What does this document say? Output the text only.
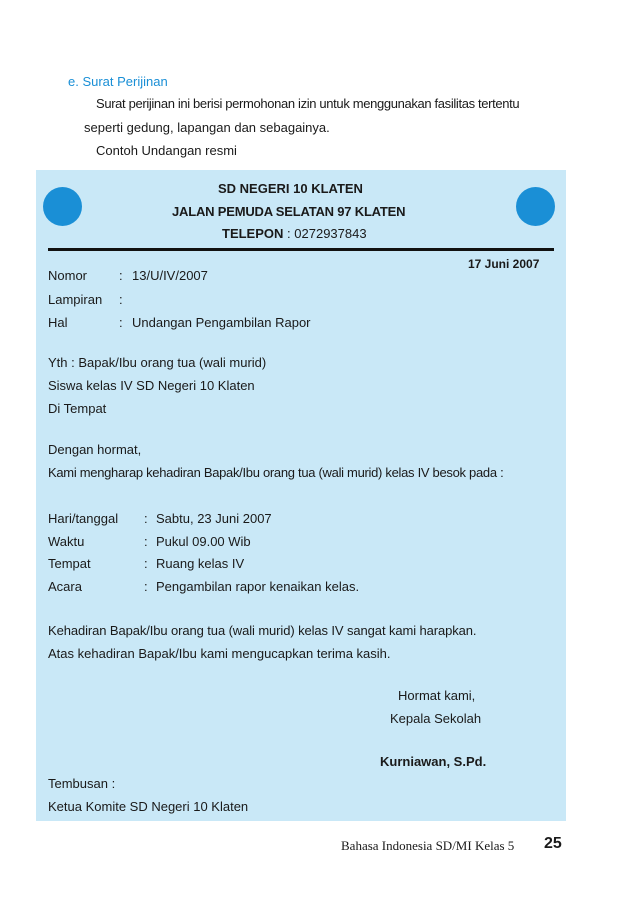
e. Surat Perijinan
Surat perijinan ini berisi permohonan izin untuk menggunakan fasilitas tertentu
seperti gedung, lapangan dan sebagainya.
Contoh Undangan resmi
SD NEGERI 10 KLATEN
JALAN PEMUDA SELATAN 97 KLATEN
TELEPON : 0272937843
17 Juni 2007
Nomor : 13/U/IV/2007
Lampiran :
Hal	: Undangan Pengambilan Rapor
Yth : Bapak/Ibu orang tua (wali murid)
Siswa kelas IV SD Negeri 10 Klaten
Di Tempat
Dengan hormat,
Kami mengharap kehadiran Bapak/Ibu orang tua (wali murid) kelas IV besok pada :
Hari/tanggal : Sabtu, 23 Juni 2007
Waktu	: Pukul 09.00 Wib
Tempat	: Ruang kelas IV
Acara	: Pengambilan rapor kenaikan kelas.
Kehadiran Bapak/Ibu orang tua (wali murid) kelas IV sangat kami harapkan.
Atas kehadiran Bapak/Ibu kami mengucapkan terima kasih.
Hormat kami,
Kepala Sekolah
Kurniawan, S.Pd.
Tembusan :
Ketua Komite SD Negeri 10 Klaten
Bahasa Indonesia SD/MI Kelas 5 25
